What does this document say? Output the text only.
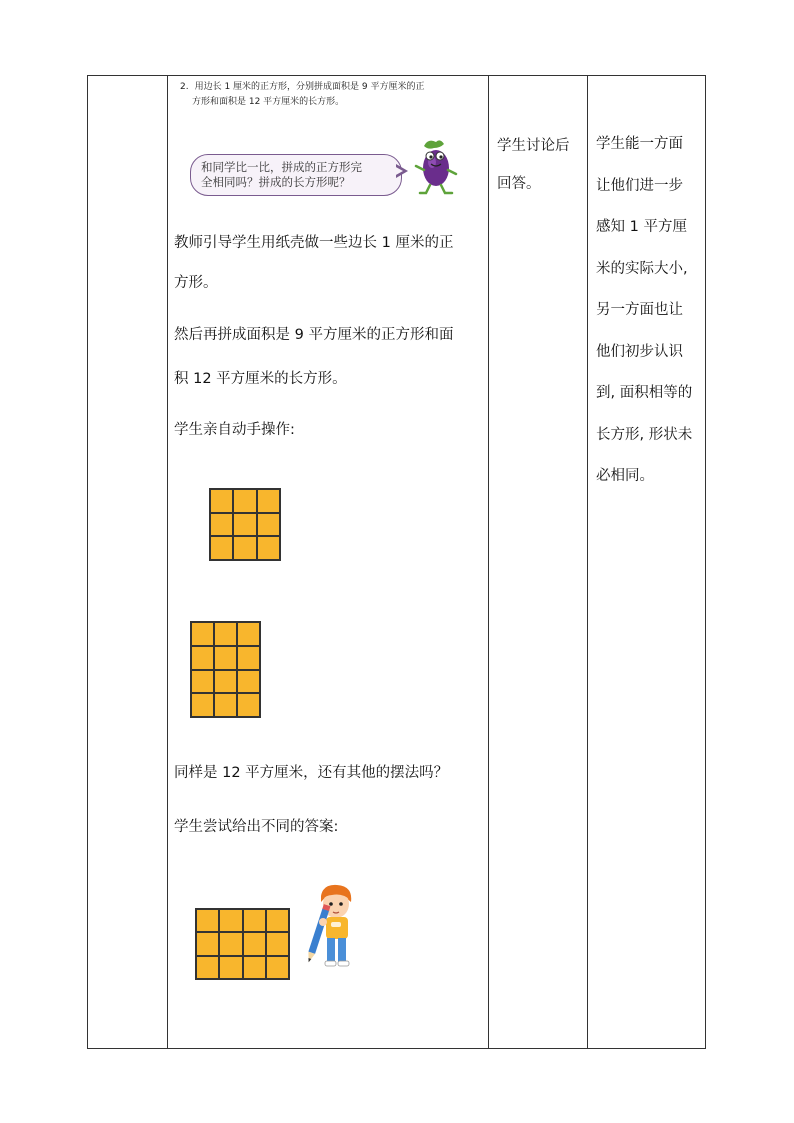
2. 用边长 1 厘米的正方形，分别拼成面积是 9 平方厘米的正
方形和面积是 12 平方厘米的长方形。
和同学比一比，拼成的正方形完
全相同吗？拼成的长方形呢？
教师引导学生用纸壳做一些边长 1 厘米的正
方形。
然后再拼成面积是 9 平方厘米的正方形和面
积 12 平方厘米的长方形。
学生亲自动手操作:
同样是 12 平方厘米，还有其他的摆法吗？
学生尝试给出不同的答案:
学生讨论后
回答。
学生能一方面
让他们进一步
感知 1 平方厘
米的实际大小,
另一方面也让
他们初步认识
到, 面积相等的
长方形, 形状未
必相同。
